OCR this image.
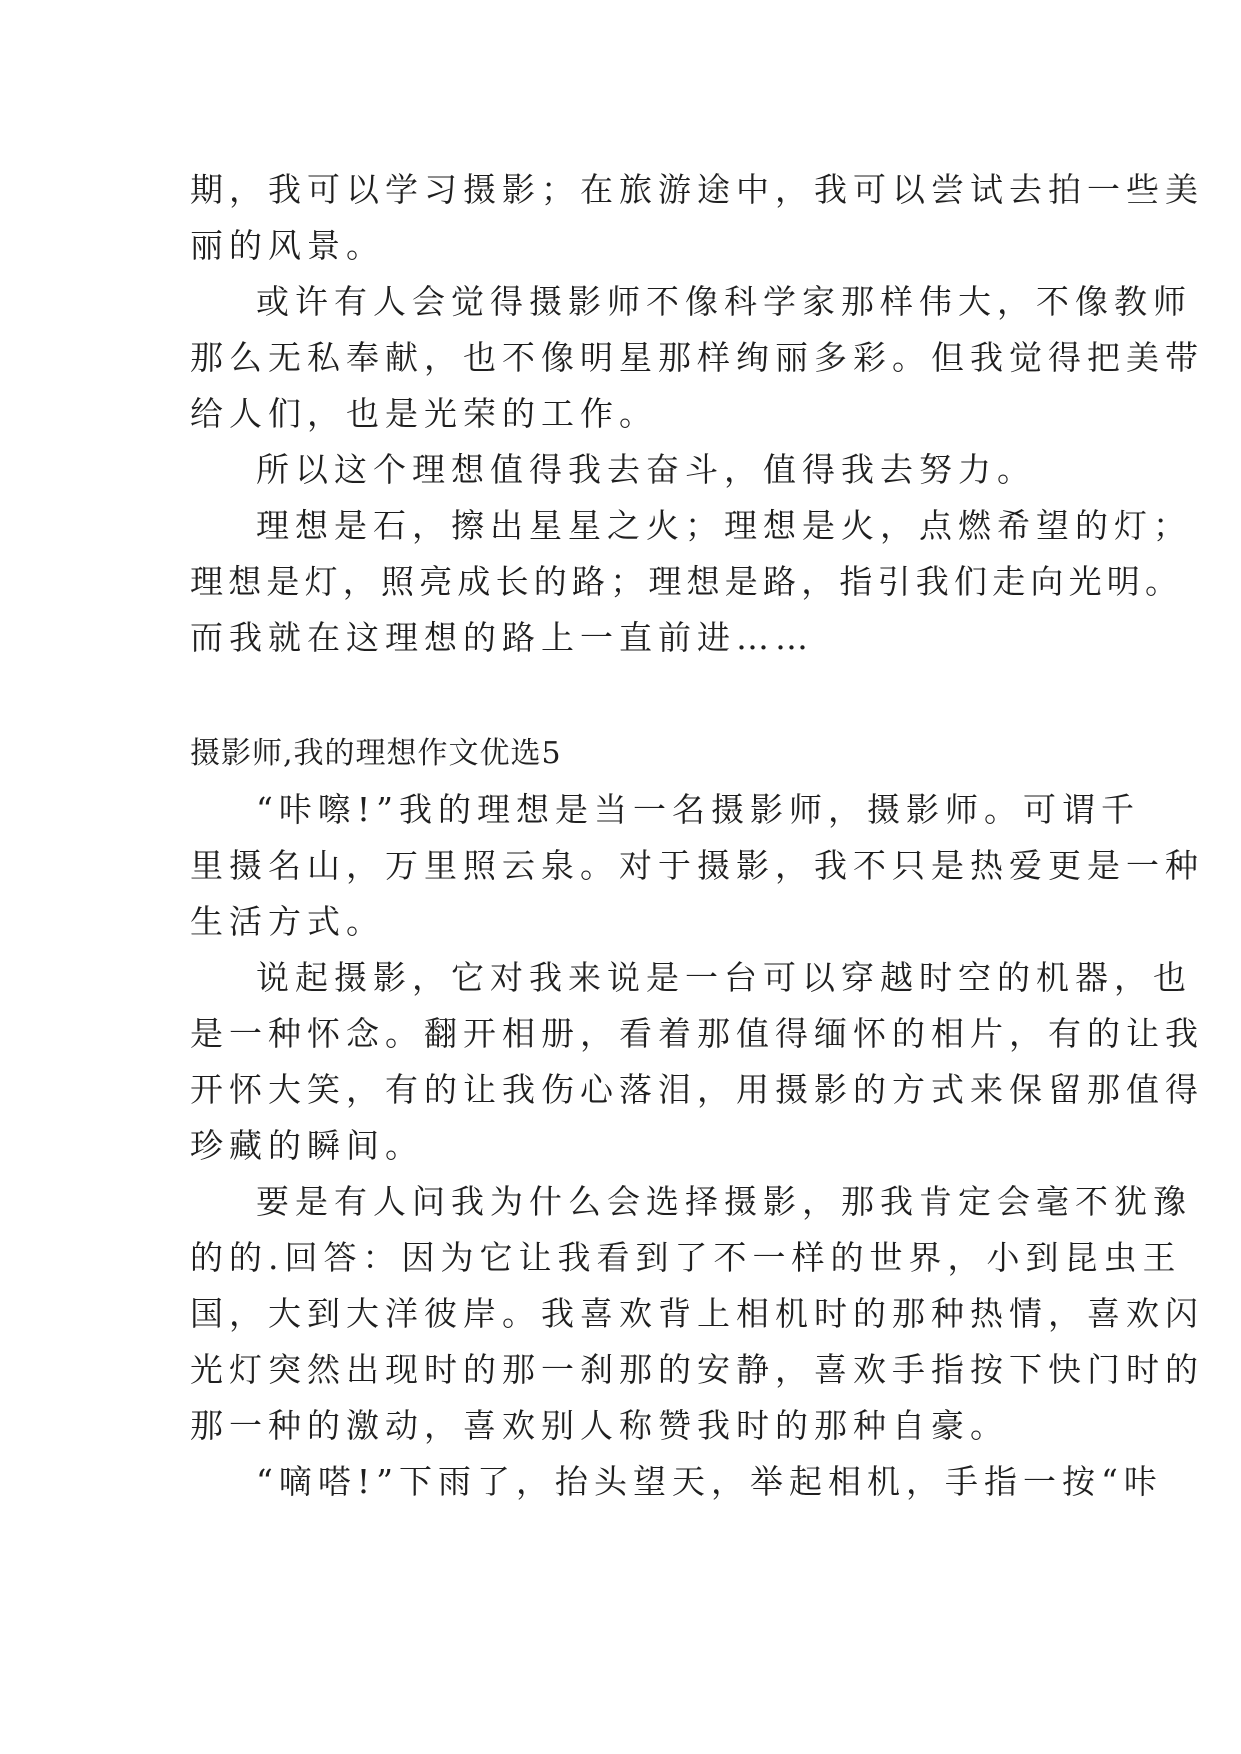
期，我可以学习摄影；在旅游途中，我可以尝试去拍一些美
丽的风景。
或许有人会觉得摄影师不像科学家那样伟大，不像教师
那么无私奉献，也不像明星那样绚丽多彩。但我觉得把美带
给人们，也是光荣的工作。
所以这个理想值得我去奋斗，值得我去努力。
理想是石，擦出星星之火；理想是火，点燃希望的灯；
理想是灯，照亮成长的路；理想是路，指引我们走向光明。
而我就在这理想的路上一直前进……
摄影师,我的理想作文优选5
“咔嚓!”我的理想是当一名摄影师，摄影师。可谓千
里摄名山，万里照云泉。对于摄影，我不只是热爱更是一种
生活方式。
说起摄影，它对我来说是一台可以穿越时空的机器，也
是一种怀念。翻开相册，看着那值得缅怀的相片，有的让我
开怀大笑，有的让我伤心落泪，用摄影的方式来保留那值得
珍藏的瞬间。
要是有人问我为什么会选择摄影，那我肯定会毫不犹豫
的的.回答：因为它让我看到了不一样的世界，小到昆虫王
国，大到大洋彼岸。我喜欢背上相机时的那种热情，喜欢闪
光灯突然出现时的那一刹那的安静，喜欢手指按下快门时的
那一种的激动，喜欢别人称赞我时的那种自豪。
“嘀嗒!”下雨了，抬头望天，举起相机，手指一按“咔
